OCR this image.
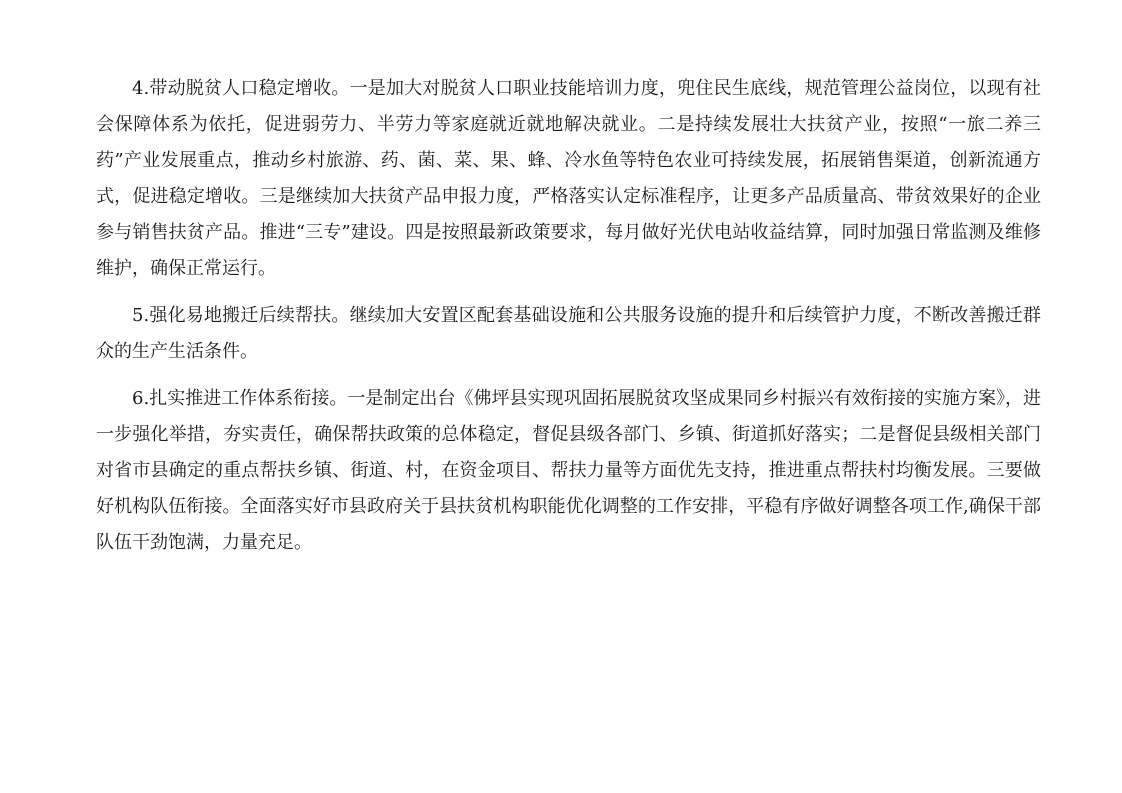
4.带动脱贫人口稳定增收。一是加大对脱贫人口职业技能培训力度，兜住民生底线，规范管理公益岗位，以现有社会保障体系为依托，促进弱劳力、半劳力等家庭就近就地解决就业。二是持续发展壮大扶贫产业，按照“一旅二养三药”产业发展重点，推动乡村旅游、药、菌、菜、果、蜂、冷水鱼等特色农业可持续发展，拓展销售渠道，创新流通方式，促进稳定增收。三是继续加大扶贫产品申报力度，严格落实认定标准程序，让更多产品质量高、带贫效果好的企业参与销售扶贫产品。推进“三专”建设。四是按照最新政策要求，每月做好光伏电站收益结算，同时加强日常监测及维修维护，确保正常运行。

5.强化易地搬迁后续帮扶。继续加大安置区配套基础设施和公共服务设施的提升和后续管护力度，不断改善搬迁群众的生产生活条件。

6.扎实推进工作体系衔接。一是制定出台《佛坪县实现巩固拓展脱贫攻坚成果同乡村振兴有效衔接的实施方案》，进一步强化举措，夯实责任，确保帮扶政策的总体稳定，督促县级各部门、乡镇、街道抓好落实；二是督促县级相关部门对省市县确定的重点帮扶乡镇、街道、村，在资金项目、帮扶力量等方面优先支持，推进重点帮扶村均衡发展。三要做好机构队伍衔接。全面落实好市县政府关于县扶贫机构职能优化调整的工作安排，平稳有序做好调整各项工作,确保干部队伍干劲饱满，力量充足。
